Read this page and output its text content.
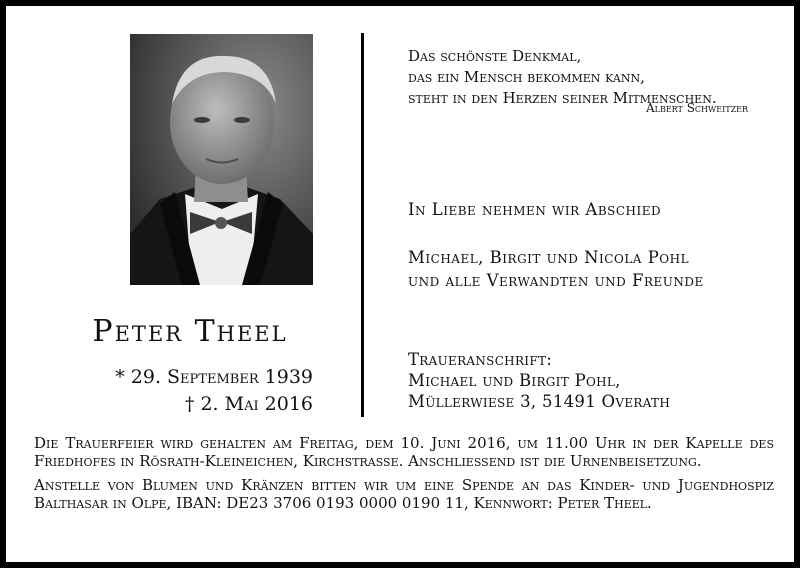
Peter Theel
* 29. September 1939
† 2. Mai 2016
Das schönste Denkmal,
das ein Mensch bekommen kann,
steht in den Herzen seiner Mitmenschen.
Albert Schweitzer
In Liebe nehmen wir Abschied
Michael, Birgit und Nicola Pohl
und alle Verwandten und Freunde
Traueranschrift:
Michael und Birgit Pohl,
Müllerwiese 3, 51491 Overath

Die Trauerfeier wird gehalten am Freitag, dem 10. Juni 2016, um 11.00 Uhr in der Kapelle des Friedhofes in Rösrath-Kleineichen, Kirchstrasse. Anschliessend ist die Urnenbeisetzung.

Anstelle von Blumen und Kränzen bitten wir um eine Spende an das Kinder- und Jugendhospiz Balthasar in Olpe, IBAN: DE23 3706 0193 0000 0190 11, Kennwort: Peter Theel.
